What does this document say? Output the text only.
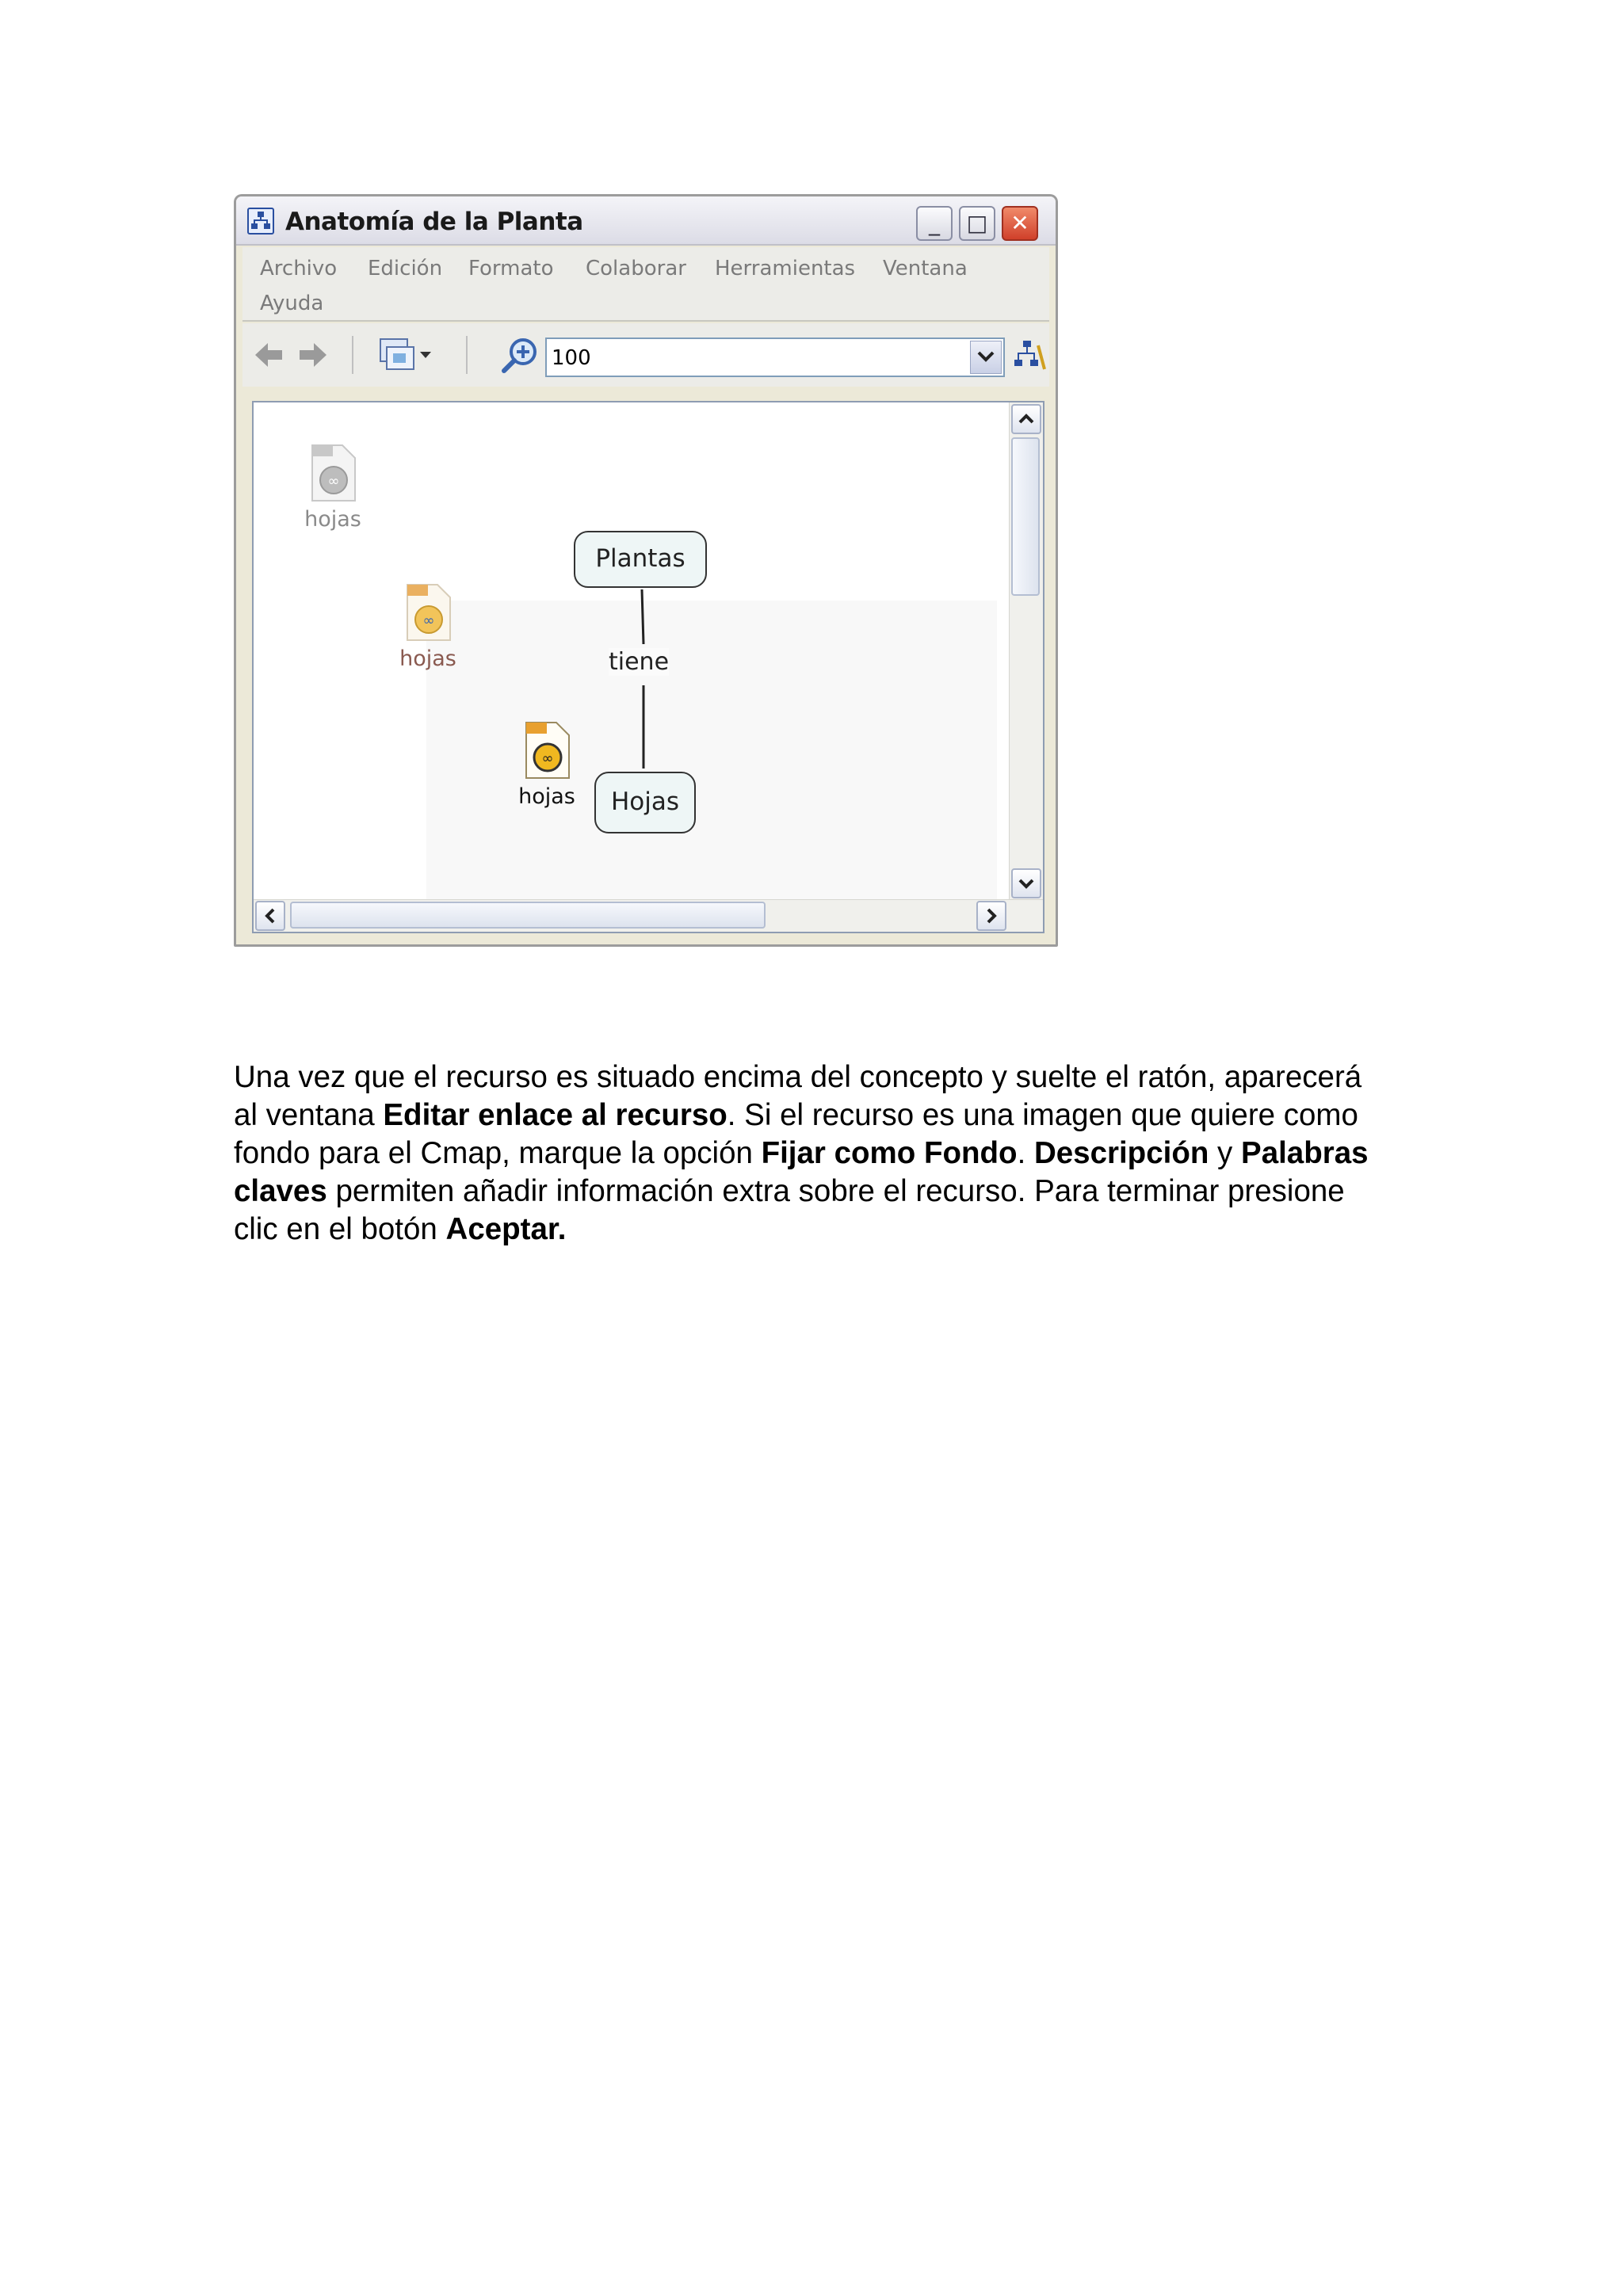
Anatomía de la Planta	_	□	✕
Archivo Edición Formato Colaborar Herramientas Ventana
Ayuda
100
∞
hojas
∞
hojas
∞
hojas
Plantas
tiene
Hojas
Una vez que el recurso es situado encima del concepto y suelte el ratón, aparecerá al ventana Editar enlace al recurso. Si el recurso es una imagen que quiere como fondo para el Cmap, marque la opción Fijar como Fondo. Descripción y Palabras claves permiten añadir información extra sobre el recurso. Para terminar presione clic en el botón Aceptar.
